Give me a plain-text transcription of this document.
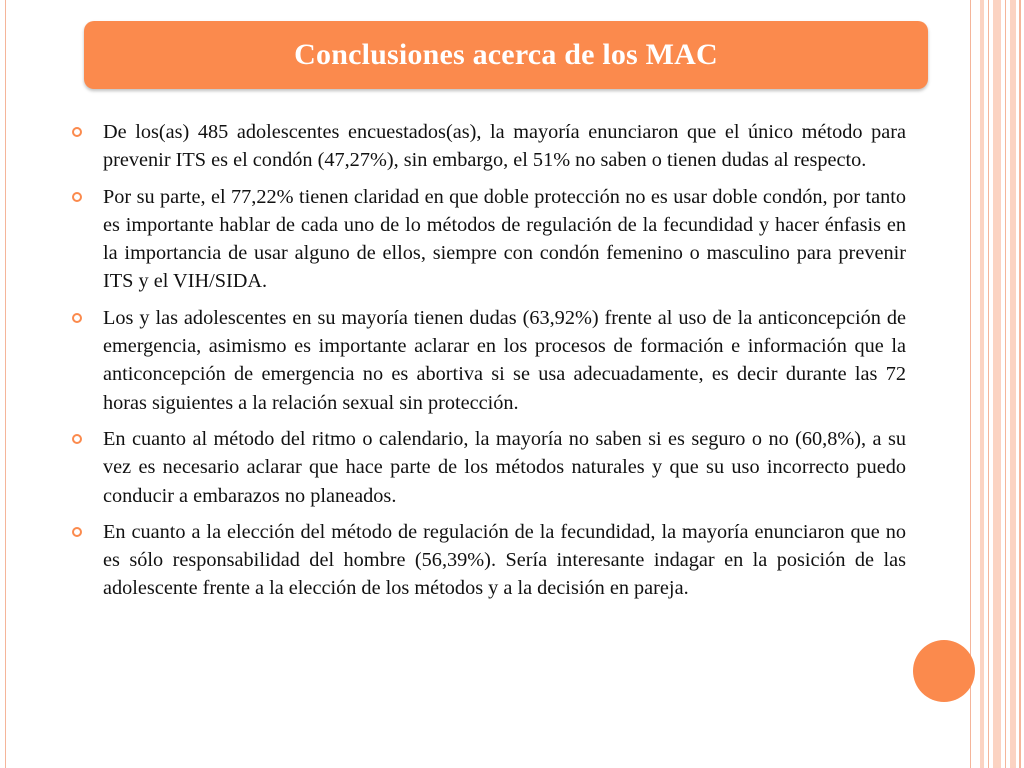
Conclusiones acerca de los MAC
De los(as) 485 adolescentes encuestados(as), la mayoría enunciaron que el único método para prevenir ITS es el condón (47,27%), sin embargo, el 51% no saben o tienen dudas al respecto.
Por su parte, el 77,22% tienen claridad en que doble protección no es usar doble condón, por tanto es importante hablar de cada uno de lo métodos de regulación de la fecundidad y hacer énfasis en la importancia de usar alguno de ellos, siempre con condón femenino o masculino para prevenir ITS y el VIH/SIDA.
Los y las adolescentes en su mayoría tienen dudas (63,92%) frente al uso de la anticoncepción de emergencia, asimismo es importante aclarar en los procesos de formación e información que la anticoncepción de emergencia no es abortiva si se usa adecuadamente, es decir durante las 72 horas siguientes a la relación sexual sin protección.
En cuanto al método del ritmo o calendario, la mayoría no saben si es seguro o no (60,8%), a su vez es necesario aclarar que hace parte de los métodos naturales y que su uso incorrecto puedo conducir a embarazos no planeados.
En cuanto a la elección del método de regulación de la fecundidad, la mayoría enunciaron que no es sólo responsabilidad del hombre (56,39%). Sería interesante indagar en la posición de las adolescente frente a la elección de los métodos y a la decisión en pareja.
